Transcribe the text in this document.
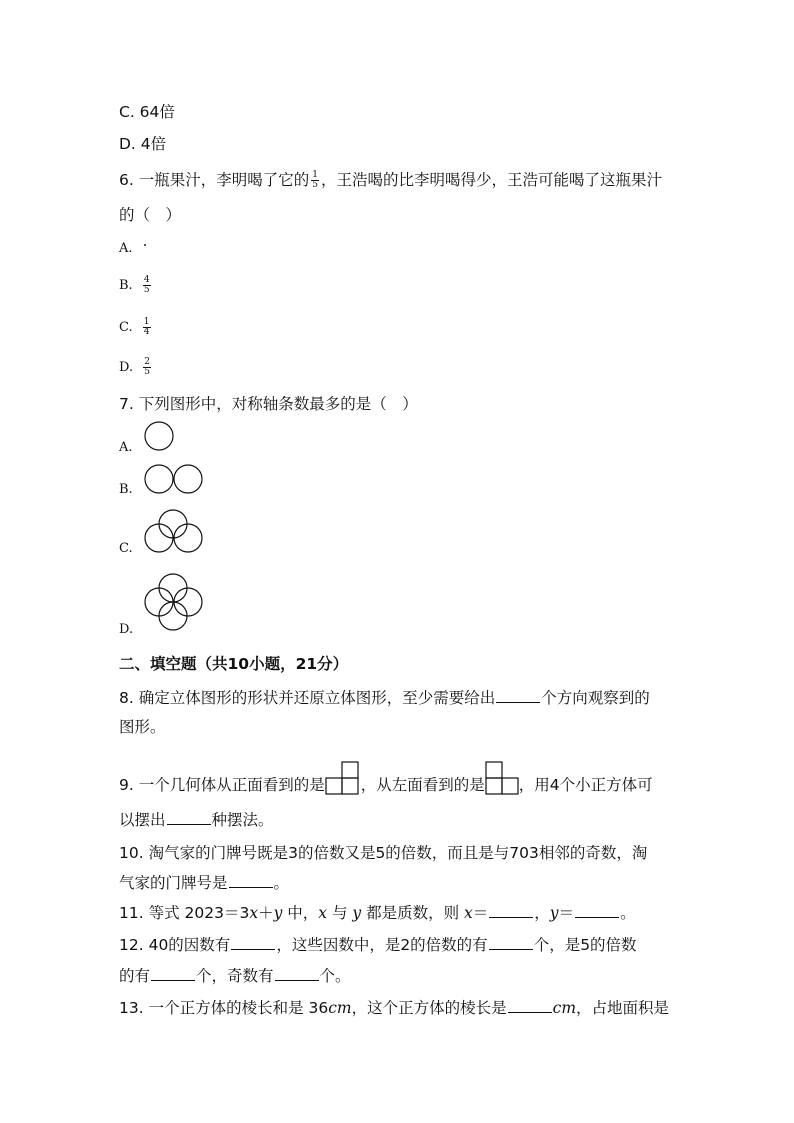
C. 64倍
D. 4倍
6. 一瓶果汁，李明喝了它的 $\frac{1}{5}$ ，王浩喝的比李明喝得少，王浩可能喝了这瓶果汁
的（　）
A.
B. $\frac{4}{5}$
C. $\frac{1}{4}$
D. $\frac{2}{5}$
7. 下列图形中，对称轴条数最多的是（　）
A.
B.
C.
D.
二、填空题（共10小题，21分）
8. 确定立体图形的形状并还原立体图形，至少需要给出	个方向观察到的
图形。
9. 一个几何体从正面看到的是 ，从左面看到的是 ，用4个小正方体可
以摆出	种摆法。
10. 淘气家的门牌号既是3的倍数又是5的倍数，而且是与703相邻的奇数，淘
气家的门牌号是	。
11. 等式 2023＝3x＋y 中，x 与 y 都是质数，则 x＝	，y＝	。
12. 40的因数有	，这些因数中，是2的倍数的有	个，是5的倍数
的有	个，奇数有	个。
13. 一个正方体的棱长和是 36cm，这个正方体的棱长是	cm，占地面积是
